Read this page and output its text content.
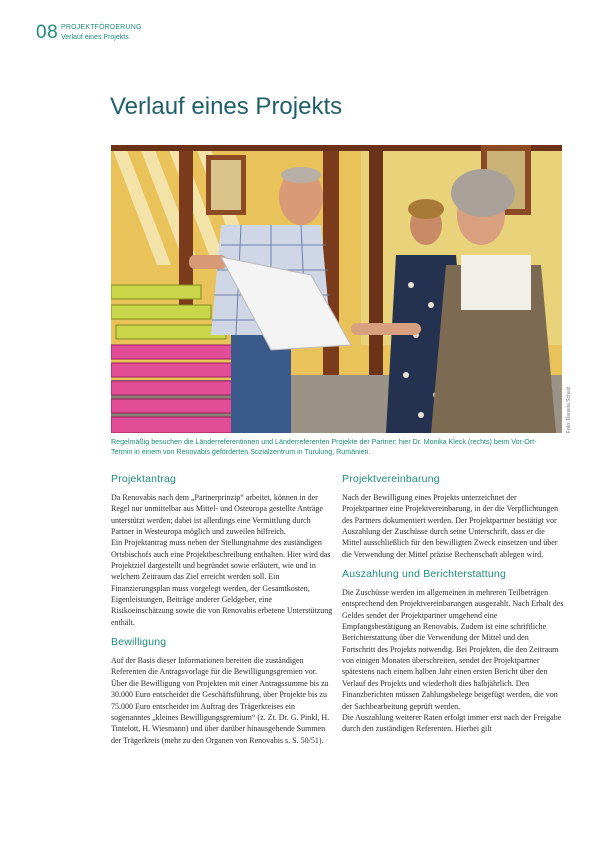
08 PROJEKTFÖRDERUNG
Verlauf eines Projekts
Verlauf eines Projekts
Foto: Daniela Schulz
Regelmäßig besuchen die Länderreferentinnen und Länderreferenten Projekte der Partner; hier Dr. Monika Kleck (rechts) beim Vor-Ort-Termin in einem von Renovabis geförderten Sozialzentrum in Turulung, Rumänien.
Projektantrag

Da Renovabis nach dem „Partnerprinzip“ arbeitet, können in der Regel nur unmittelbar aus Mittel- und Osteuropa gestellte Anträge unterstützt werden; dabei ist allerdings eine Vermittlung durch Partner in Westeuropa möglich und zuweilen hilfreich.

Ein Projektantrag muss neben der Stellungnahme des zuständigen Ortsbischofs auch eine Projektbeschreibung enthalten. Hier wird das Projektziel dargestellt und begründet sowie erläutert, wie und in welchem Zeitraum das Ziel erreicht werden soll. Ein Finanzierungsplan muss vorgelegt werden, der Gesamtkosten, Eigenleistungen, Beiträge anderer Geldgeber, eine Risikoeinschätzung sowie die von Renovabis erbetene Unterstützung enthält.

Bewilligung

Auf der Basis dieser Informationen bereiten die zuständigen Referenten die Antragsvorlage für die Bewilligungsgremien vor. Über die Bewilligung von Projekten mit einer Antragssumme bis zu 30.000 Euro entscheidet die Geschäftsführung, über Projekte bis zu 75.000 Euro entscheidet im Auftrag des Trägerkreises ein sogenanntes „kleines Bewilligungsgremium“ (z. Zt. Dr. G. Pinkl, H. Tintelott, H. Wiesmann) und über darüber hinausgehende Summen der Trägerkreis (mehr zu den Organen von Renovabis s. S. 50/51).

Projektvereinbarung

Nach der Bewilligung eines Projekts unterzeichnet der Projektpartner eine Projektvereinbarung, in der die Verpflichtungen des Partners dokumentiert werden. Der Projektpartner bestätigt vor Auszahlung der Zuschüsse durch seine Unterschrift, dass er die Mittel ausschließlich für den bewilligten Zweck einsetzen und über die Verwendung der Mittel präzise Rechenschaft ablegen wird.

Auszahlung und Berichterstattung

Die Zuschüsse werden im allgemeinen in mehreren Teilbeträgen entsprechend den Projektvereinbarungen ausgezahlt. Nach Erhalt des Geldes sendet der Projektpartner umgehend eine Empfangsbestätigung an Renovabis. Zudem ist eine schriftliche Berichterstattung über die Verwendung der Mittel und den Fortschritt des Projekts notwendig. Bei Projekten, die den Zeitraum von einigen Monaten überschreiten, sendet der Projektpartner spätestens nach einem halben Jahr einen ersten Bericht über den Verlauf des Projekts und wiederholt dies halbjährlich. Den Finanzberichten müssen Zahlungsbelege beigefügt werden, die von der Sachbearbeitung geprüft werden.

Die Auszahlung weiterer Raten erfolgt immer erst nach der Freigabe durch den zuständigen Referenten. Hierbei gilt
